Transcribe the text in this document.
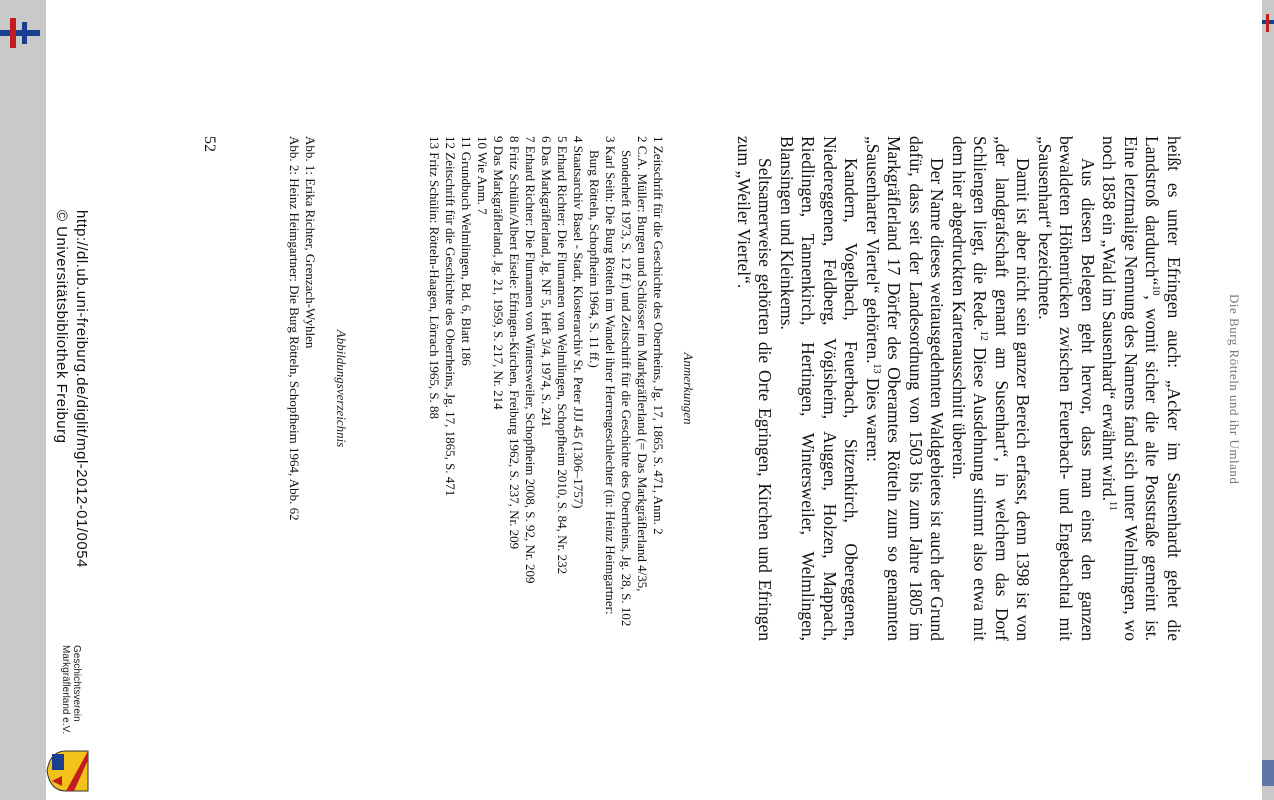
Die Burg Rötteln und ihr Umland

heißt es unter Efringen auch: „Acker im Sausenhardt gehet die Landstroß dardurch“$^{10}$, womit sicher die alte Poststraße gemeint ist. Eine letztmalige Nennung des Namens fand sich unter Welmlingen, wo noch 1858 ein „Wald im Sausenhard“ erwähnt wird.$^{11}$

Aus diesen Belegen geht hervor, dass man einst den ganzen bewaldeten Höhenrücken zwischen Feuerbach- und Engebachtal mit „Sausenhart“ bezeichnete.

Damit ist aber nicht sein ganzer Bereich erfasst, denn 1398 ist von „der landgrafschaft genant am Susenhart“, in welchem das Dorf Schliengen liegt, die Rede.$^{12}$ Diese Ausdehnung stimmt also etwa mit dem hier abgedruckten Kartenausschnitt überein.

Der Name dieses weitausgedehnten Waldgebietes ist auch der Grund dafür, dass seit der Landesordnung von 1503 bis zum Jahre 1805 im Markgräflerland 17 Dörfer des Oberamtes Rötteln zum so genannten „Sausenharter Viertel“ gehörten.$^{13}$ Dies waren:

Kandern, Vogelbach, Feuerbach, Sitzenkirch, Obereggenen, Niedereggenen, Feldberg, Vögisheim, Auggen, Holzen, Mappach, Riedlingen, Tannenkirch, Hertingen, Wintersweiler, Welmlingen, Blansingen und Kleinkems.

Seltsamerweise gehörten die Orte Egringen, Kirchen und Efringen zum „Weiler Viertel“.

Anmerkungen
1 Zeitschrift für die Geschichte des Oberrheins, Jg. 17, 1865, S. 471, Anm. 2
2 C.A. Müller: Burgen und Schlösser im Markgräflerland (= Das Markgräflerland 4/35, Sonderheft 1973, S. 12 ff.) und Zeitschrift für die Geschichte des Oberrheins, Jg. 28, S. 102
3 Karl Seith: Die Burg Rötteln im Wandel ihrer Herrengeschlechter (in: Heinz Heimgartner: Burg Rötteln, Schopfheim 1964, S. 11 ff.)
4 Staatsarchiv Basel - Stadt, Klosterarchiv St. Peter JJJ 45 (1306–1757)
5 Erhard Richter: Die Flurnamen von Welmlingen, Schopfheim 2010, S. 84, Nr. 232
6 Das Markgräflerland, Jg. NF 5, Heft 3/4, 1974, S. 241
7 Erhard Richter: Die Flurnamen von Wintersweiler, Schopfheim 2008, S. 92, Nr. 209
8 Fritz Schülin/Albert Eisele: Efringen-Kirchen, Freiburg 1962, S. 237, Nr. 209
9 Das Markgräflerland, Jg. 21, 1959, S. 217, Nr. 214
10 Wie Anm. 7
11 Grundbuch Welmlingen, Bd. 6, Blatt 186
12 Zeitschrift für die Geschichte des Oberrheins, Jg. 17, 1865, S. 471
13 Fritz Schülin: Rötteln-Haagen, Lörrach 1965, S. 88
Abbildungsverzeichnis
Abb. 1: Erika Richter, Grenzach-Wyhlen
Abb. 2: Heinz Heimgartner: Die Burg Rötteln, Schopfheim 1964, Abb. 62
52
http://dl.ub.uni-freiburg.de/diglit/mgl-2012-01/0054
© Universitätsbibliothek Freiburg
Geschichtsverein
Markgräflerland e.V.
